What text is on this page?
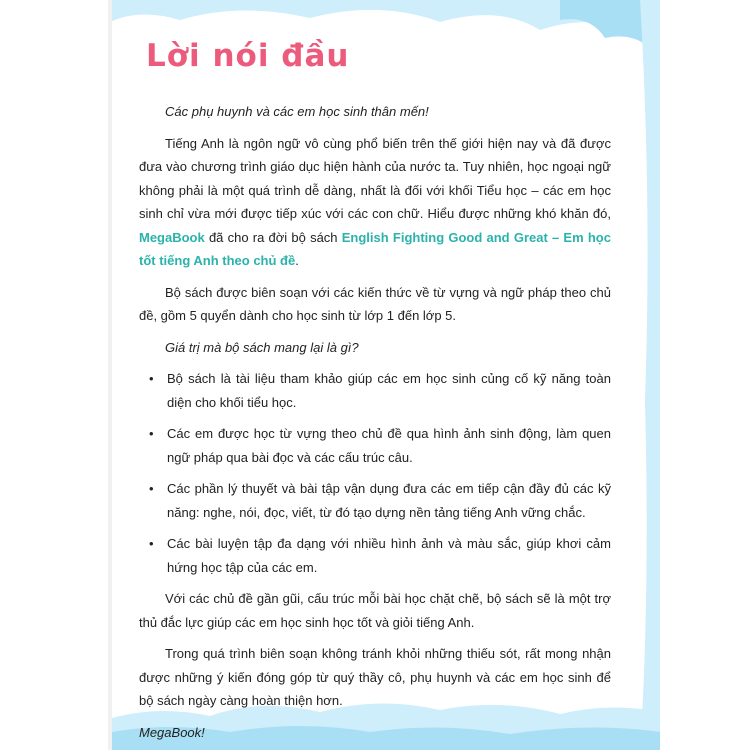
Lời nói đầu

Các phụ huynh và các em học sinh thân mến!

Tiếng Anh là ngôn ngữ vô cùng phổ biến trên thế giới hiện nay và đã được đưa vào chương trình giáo dục hiện hành của nước ta. Tuy nhiên, học ngoại ngữ không phải là một quá trình dễ dàng, nhất là đối với khối Tiểu học – các em học sinh chỉ vừa mới được tiếp xúc với các con chữ. Hiểu được những khó khăn đó, MegaBook đã cho ra đời bộ sách English Fighting Good and Great – Em học tốt tiếng Anh theo chủ đề.

Bộ sách được biên soạn với các kiến thức về từ vựng và ngữ pháp theo chủ đề, gồm 5 quyển dành cho học sinh từ lớp 1 đến lớp 5.

Giá trị mà bộ sách mang lại là gì?

• Bộ sách là tài liệu tham khảo giúp các em học sinh củng cố kỹ năng toàn diện cho khối tiểu học.
• Các em được học từ vựng theo chủ đề qua hình ảnh sinh động, làm quen ngữ pháp qua bài đọc và các cấu trúc câu.
• Các phần lý thuyết và bài tập vận dụng đưa các em tiếp cận đầy đủ các kỹ năng: nghe, nói, đọc, viết, từ đó tạo dựng nền tảng tiếng Anh vững chắc.
• Các bài luyện tập đa dạng với nhiều hình ảnh và màu sắc, giúp khơi cảm hứng học tập của các em.

Với các chủ đề gần gũi, cấu trúc mỗi bài học chặt chẽ, bộ sách sẽ là một trợ thủ đắc lực giúp các em học sinh học tốt và giỏi tiếng Anh.

Trong quá trình biên soạn không tránh khỏi những thiếu sót, rất mong nhận được những ý kiến đóng góp từ quý thầy cô, phụ huynh và các em học sinh để bộ sách ngày càng hoàn thiện hơn.

MegaBook!
